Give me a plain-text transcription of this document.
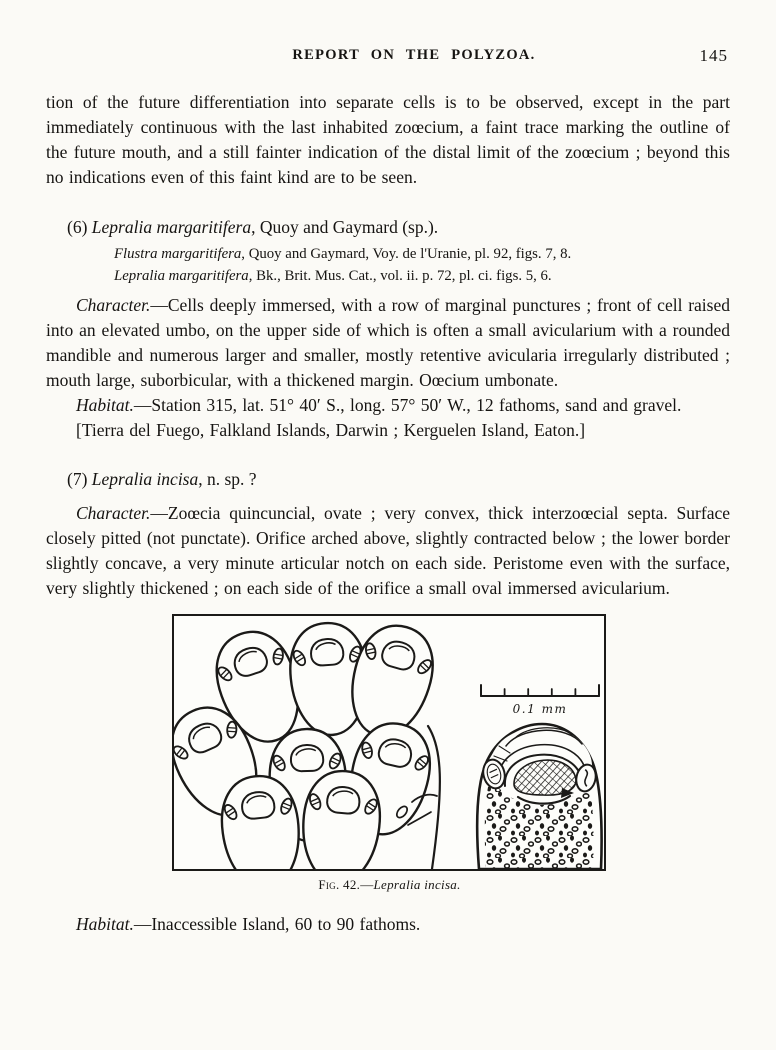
REPORT ON THE POLYZOA.	145

tion of the future differentiation into separate cells is to be observed, except in the part immediately continuous with the last inhabited zoœcium, a faint trace marking the outline of the future mouth, and a still fainter indication of the distal limit of the zoœcium ; beyond this no indications even of this faint kind are to be seen.

(6) Lepralia margaritifera, Quoy and Gaymard (sp.).

Flustra margaritifera, Quoy and Gaymard, Voy. de l'Uranie, pl. 92, figs. 7, 8.
Lepralia margaritifera, Bk., Brit. Mus. Cat., vol. ii. p. 72, pl. ci. figs. 5, 6.

Character.—Cells deeply immersed, with a row of marginal punctures ; front of cell raised into an elevated umbo, on the upper side of which is often a small avicularium with a rounded mandible and numerous larger and smaller, mostly retentive avicularia irregularly distributed ; mouth large, suborbicular, with a thickened margin. Oœcium umbonate.

Habitat.—Station 315, lat. 51° 40′ S., long. 57° 50′ W., 12 fathoms, sand and gravel.

[Tierra del Fuego, Falkland Islands, Darwin ; Kerguelen Island, Eaton.]

(7) Lepralia incisa, n. sp. ?

Character.—Zoœcia quincuncial, ovate ; very convex, thick interzoœcial septa. Surface closely pitted (not punctate). Orifice arched above, slightly contracted below ; the lower border slightly concave, a very minute articular notch on each side. Peristome even with the surface, very slightly thickened ; on each side of the orifice a small oval immersed avicularium.

0.1 mm
Fig. 42.—Lepralia incisa.

Habitat.—Inaccessible Island, 60 to 90 fathoms.
